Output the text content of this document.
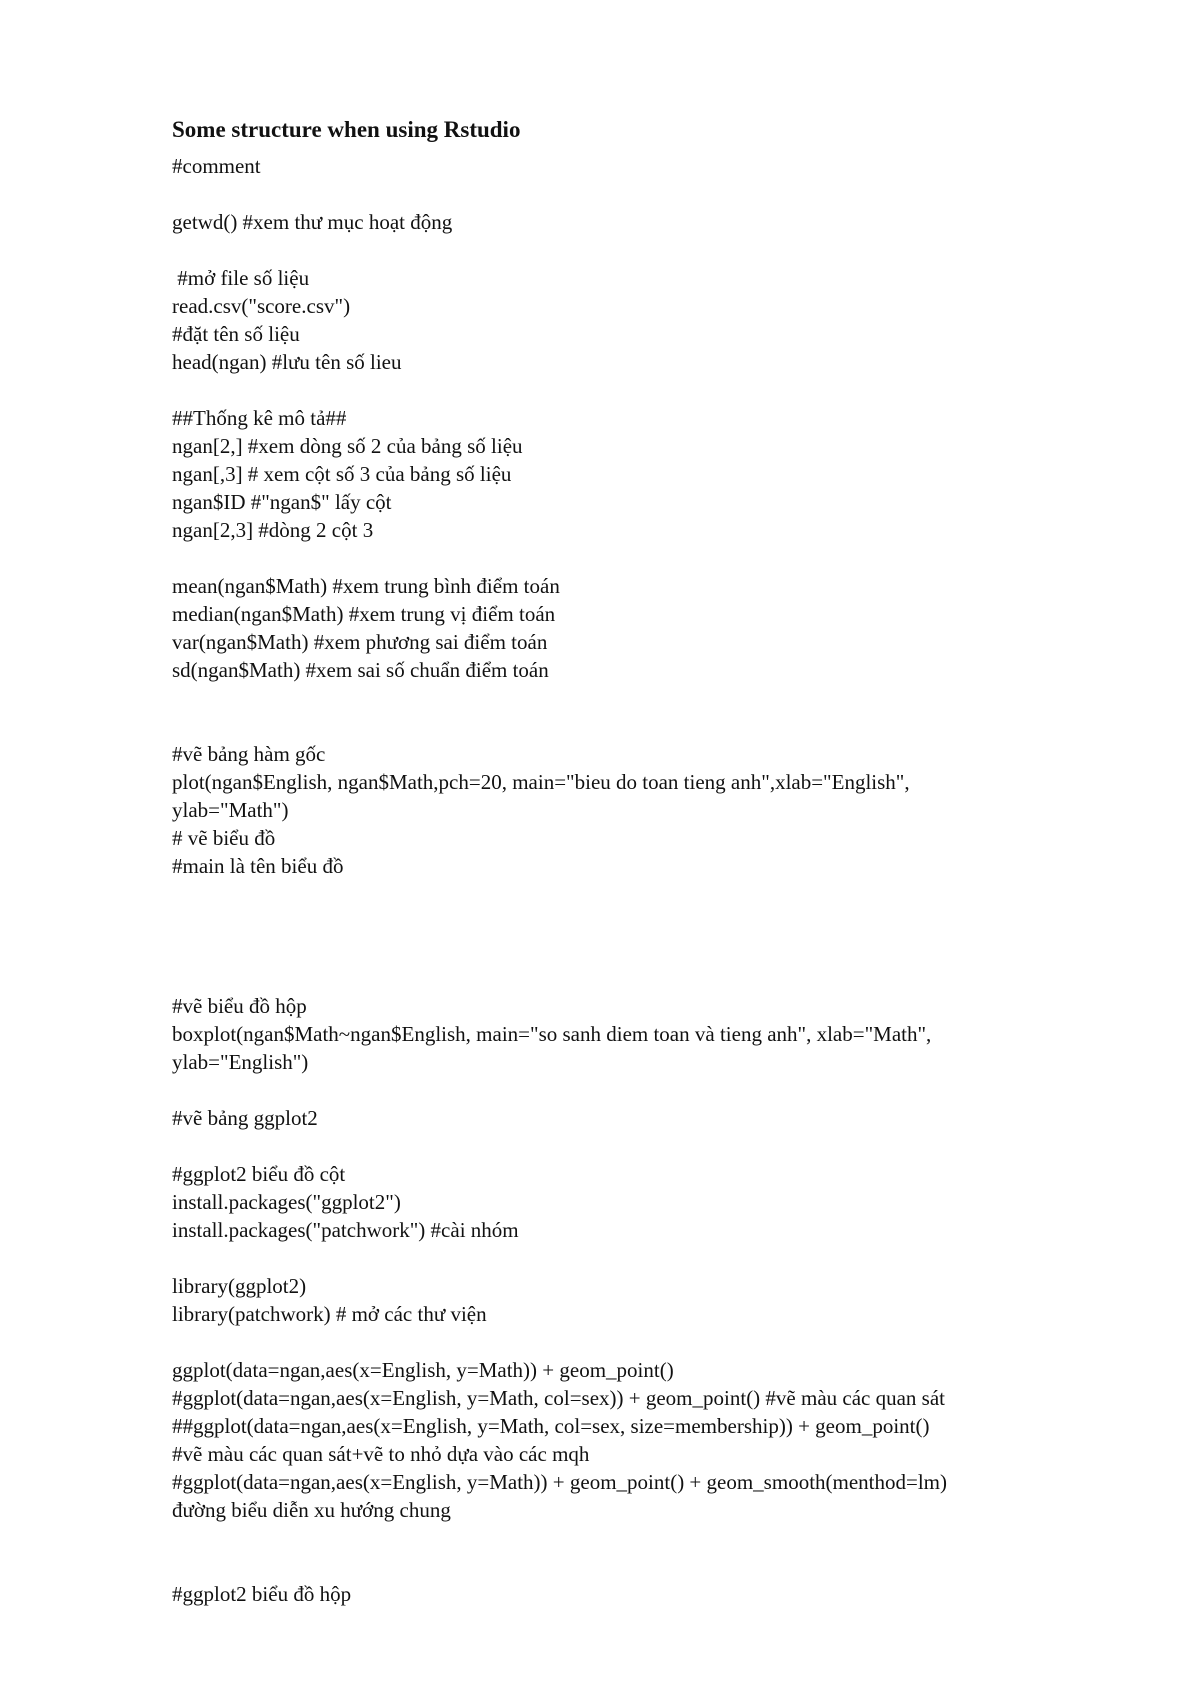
Some structure when using Rstudio

#comment

getwd() #xem thư mục hoạt động

#mở file số liệu

read.csv("score.csv")

#đặt tên số liệu

head(ngan) #lưu tên số lieu

##Thống kê mô tả##

ngan[2,] #xem dòng số 2 của bảng số liệu

ngan[,3] # xem cột số 3 của bảng số liệu

ngan$ID #"ngan$" lấy cột

ngan[2,3] #dòng 2 cột 3

mean(ngan$Math) #xem trung bình điểm toán

median(ngan$Math) #xem trung vị điểm toán

var(ngan$Math) #xem phương sai điểm toán

sd(ngan$Math) #xem sai số chuẩn điểm toán

#vẽ bảng hàm gốc

plot(ngan$English, ngan$Math,pch=20, main="bieu do toan tieng anh",xlab="English",

ylab="Math")

# vẽ biểu đồ

#main là tên biểu đồ

#vẽ biểu đồ hộp

boxplot(ngan$Math~ngan$English, main="so sanh diem toan và tieng anh", xlab="Math",

ylab="English")

#vẽ bảng ggplot2

#ggplot2 biểu đồ cột

install.packages("ggplot2")

install.packages("patchwork") #cài nhóm

library(ggplot2)

library(patchwork) # mở các thư viện

ggplot(data=ngan,aes(x=English, y=Math)) + geom_point()

#ggplot(data=ngan,aes(x=English, y=Math, col=sex)) + geom_point() #vẽ màu các quan sát

##ggplot(data=ngan,aes(x=English, y=Math, col=sex, size=membership)) + geom_point()

#vẽ màu các quan sát+vẽ to nhỏ dựa vào các mqh

#ggplot(data=ngan,aes(x=English, y=Math)) + geom_point() + geom_smooth(menthod=lm)

đường biểu diễn xu hướng chung

#ggplot2 biểu đồ hộp
